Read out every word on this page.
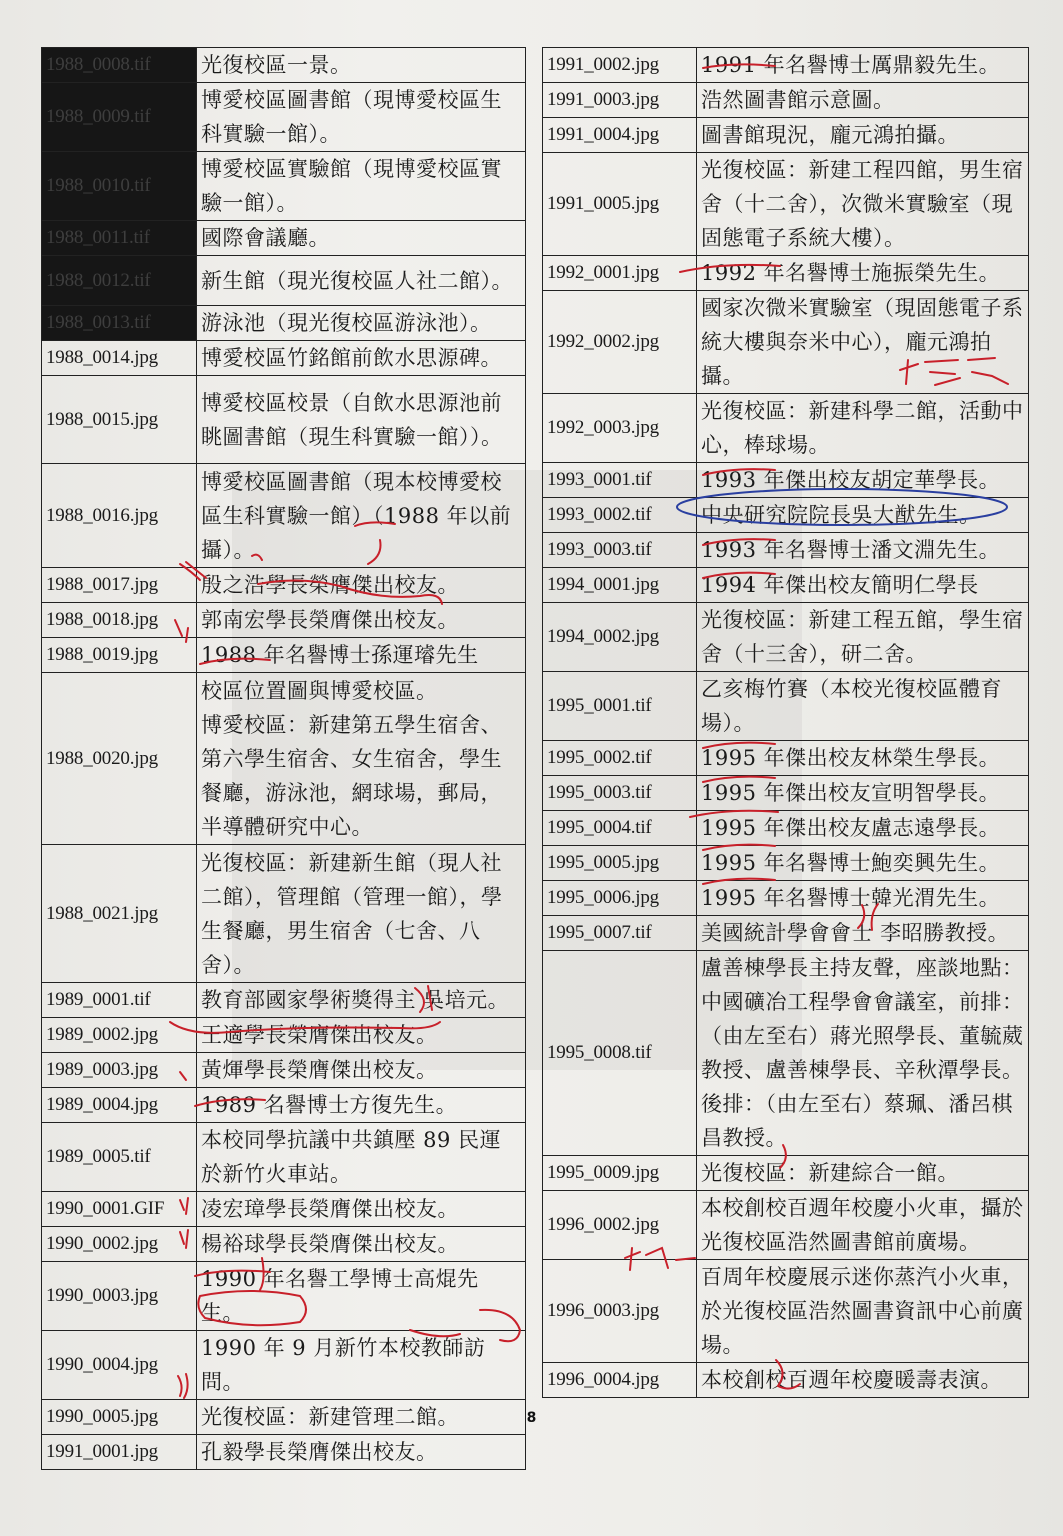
1988_0008.tif	光復校區一景。
1988_0009.tif	博愛校區圖書館（現博愛校區生科實驗一館）。
1988_0010.tif	博愛校區實驗館（現博愛校區實驗一館）。
1988_0011.tif	國際會議廳。
1988_0012.tif	新生館（現光復校區人社二館）。
1988_0013.tif	游泳池（現光復校區游泳池）。
1988_0014.jpg	博愛校區竹銘館前飲水思源碑。
1988_0015.jpg	博愛校區校景（自飲水思源池前眺圖書館（現生科實驗一館））。
1988_0016.jpg	博愛校區圖書館（現本校博愛校區生科實驗一館）（1988 年以前攝）。
1988_0017.jpg	殷之浩學長榮膺傑出校友。
1988_0018.jpg	郭南宏學長榮膺傑出校友。
1988_0019.jpg	1988 年名譽博士孫運璿先生
1988_0020.jpg	校區位置圖與博愛校區。
博愛校區：新建第五學生宿舍、第六學生宿舍、女生宿舍，學生餐廳，游泳池，網球場，郵局，半導體研究中心。
1988_0021.jpg	光復校區：新建新生館（現人社二館），管理館（管理一館），學生餐廳，男生宿舍（七舍、八舍）。
1989_0001.tif	教育部國家學術獎得主 吳培元。
1989_0002.jpg	王適學長榮膺傑出校友。
1989_0003.jpg	黃煇學長榮膺傑出校友。
1989_0004.jpg	1989 名譽博士方復先生。
1989_0005.tif	本校同學抗議中共鎮壓 89 民運於新竹火車站。
1990_0001.GIF	凌宏璋學長榮膺傑出校友。
1990_0002.jpg	楊裕球學長榮膺傑出校友。
1990_0003.jpg	1990 年名譽工學博士高焜先生。
1990_0004.jpg	1990 年 9 月新竹本校教師訪問。
1990_0005.jpg	光復校區：新建管理二館。
1991_0001.jpg	孔毅學長榮膺傑出校友。
1991_0002.jpg	1991 年名譽博士厲鼎毅先生。
1991_0003.jpg	浩然圖書館示意圖。
1991_0004.jpg	圖書館現況，龐元鴻拍攝。
1991_0005.jpg	光復校區：新建工程四館，男生宿舍（十二舍），次微米實驗室（現固態電子系統大樓）。
1992_0001.jpg	1992 年名譽博士施振榮先生。
1992_0002.jpg	國家次微米實驗室（現固態電子系統大樓與奈米中心），龐元鴻拍攝。
1992_0003.jpg	光復校區：新建科學二館，活動中心，棒球場。
1993_0001.tif	1993 年傑出校友胡定華學長。
1993_0002.tif	中央研究院院長吳大猷先生。
1993_0003.tif	1993 年名譽博士潘文淵先生。
1994_0001.jpg	1994 年傑出校友簡明仁學長
1994_0002.jpg	光復校區：新建工程五館，學生宿舍（十三舍），研二舍。
1995_0001.tif	乙亥梅竹賽（本校光復校區體育場）。
1995_0002.tif	1995 年傑出校友林榮生學長。
1995_0003.tif	1995 年傑出校友宣明智學長。
1995_0004.tif	1995 年傑出校友盧志遠學長。
1995_0005.jpg	1995 年名譽博士鮑奕興先生。
1995_0006.jpg	1995 年名譽博士韓光渭先生。
1995_0007.tif	美國統計學會會士 李昭勝教授。
1995_0008.tif	盧善棟學長主持友聲，座談地點：中國礦冶工程學會會議室，前排：（由左至右）蔣光照學長、董毓葳教授、盧善棟學長、辛秋潭學長。後排：（由左至右）蔡珮、潘呂棋昌教授。
1995_0009.jpg	光復校區：新建綜合一館。
1996_0002.jpg	本校創校百週年校慶小火車，攝於光復校區浩然圖書館前廣場。
1996_0003.jpg	百周年校慶展示迷你蒸汽小火車，於光復校區浩然圖書資訊中心前廣場。
1996_0004.jpg	本校創校百週年校慶暖壽表演。
8
